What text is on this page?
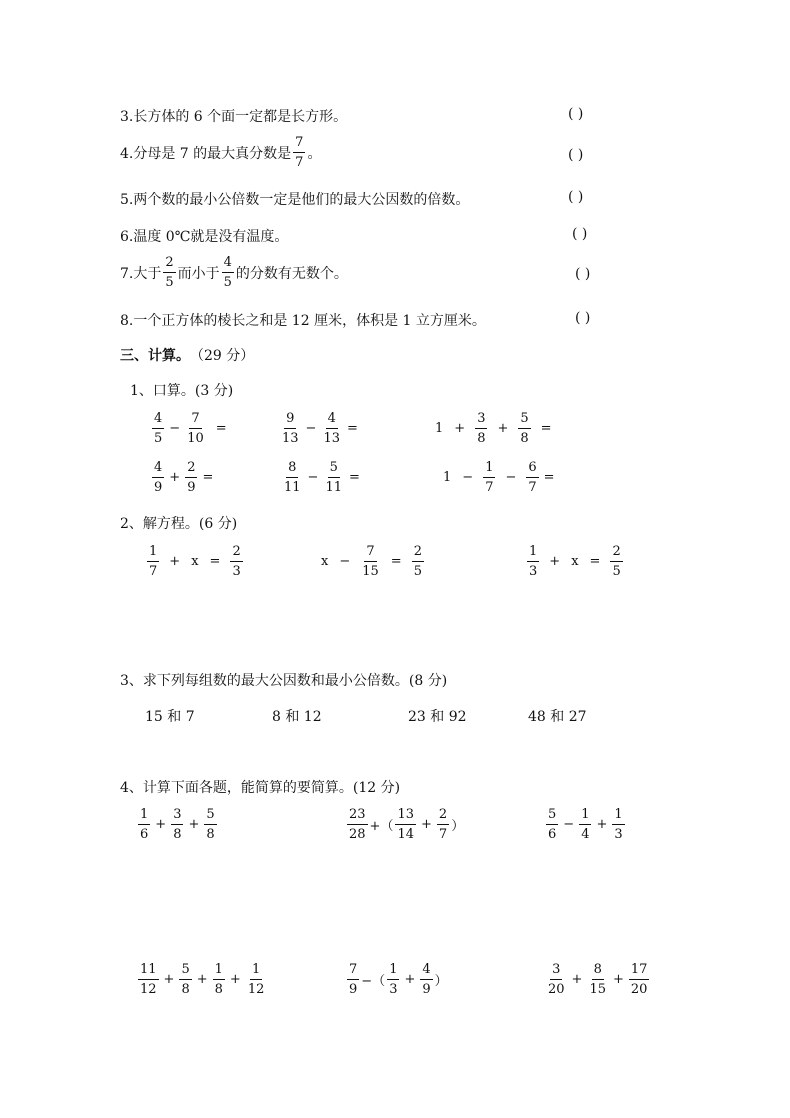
3.长方体的 6 个面一定都是长方形。	( )
4.分母是 7 的最大真分数是 $\frac{7}{7}$ 。	( )
5.两个数的最小公倍数一定是他们的最大公因数的倍数。	( )
6.温度 0℃就是没有温度。	( )
7.大于 $\frac{2}{5}$ 而小于 $\frac{4}{5}$ 的分数有无数个。	( )
8.一个正方体的棱长之和是 12 厘米，体积是 1 立方厘米。	( )
三、计算。 （29 分）
1、口算。(3 分)
$\frac{4}{5} - \frac{7}{10}$ =	$\frac{9}{13} - \frac{4}{13}$ =	$1 + \frac{3}{8} + \frac{5}{8}$ =
$\frac{4}{9} + \frac{2}{9}$ =	$\frac{8}{11} - \frac{5}{11}$ =	$1 - \frac{1}{7} - \frac{6}{7}$ =
2、解方程。(6 分)
$\frac{1}{7} + x = \frac{2}{3}$	$x - \frac{7}{15} = \frac{2}{5}$	$\frac{1}{3} + x = \frac{2}{5}$
3、求下列每组数的最大公因数和最小公倍数。(8 分)
15 和 7	8 和 12	23 和 92	48 和 27
4、计算下面各题，能简算的要简算。(12 分)
$\frac{1}{6} + \frac{3}{8} + \frac{5}{8}$	$\frac{23}{28}$ +（ $\frac{13}{14} + \frac{2}{7}$ ）	$\frac{5}{6} - \frac{1}{4} + \frac{1}{3}$
$\frac{11}{12} + \frac{5}{8} + \frac{1}{8} + \frac{1}{12}$	$\frac{7}{9}$ −（ $\frac{1}{3} + \frac{4}{9}$ ）	$\frac{3}{20} + \frac{8}{15} + \frac{17}{20}$
